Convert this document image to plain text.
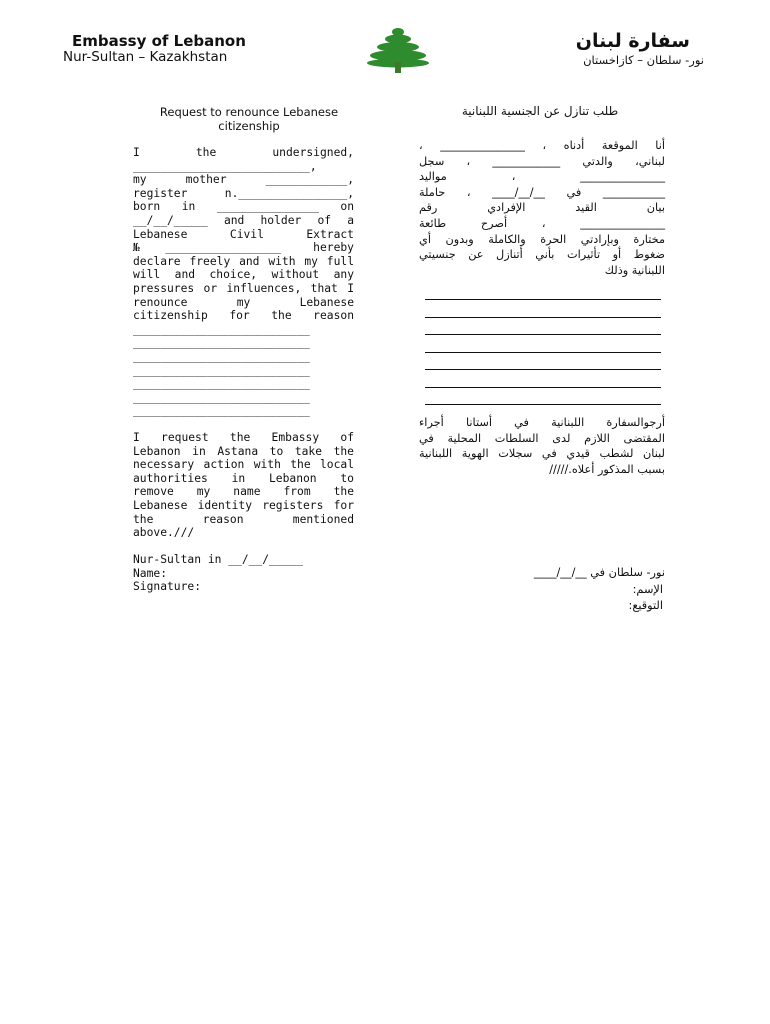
Embassy of Lebanon
Nur-Sultan – Kazakhstan
سفارة لبنان
نور- سلطان – كازاخستان
Request to renounce Lebanese citizenship
I the undersigned,
__________________________,
my mother ____________,
register n.________________,
born in _______________ on
__/__/_____ and holder of a
Lebanese Civil Extract
№_________________ hereby
declare freely and with my full
will and choice, without any
pressures or influences, that I
renounce my Lebanese
citizenship for the reason
__________________________
__________________________
__________________________
__________________________
__________________________
__________________________
__________________________
I request the Embassy of
Lebanon in Astana to take the
necessary action with the local
authorities in Lebanon to
remove my name from the
Lebanese identity registers for
the reason mentioned
above.///
Nur-Sultan in __/__/_____
Name:
Signature:
طلب تنازل عن الجنسية اللبنانية
أنا الموقعة أدناه ، _______________ ،
لبناني، والدتي ____________ ، سجل
_______________ ، مواليد
___________ في __/__/____ ، حاملة
بيان القيد الإفرادي رقم
_______________ ، أصرح طائعة
مختارة وبإرادتي الحرة والكاملة وبدون أي
ضغوط أو تأثيرات بأني أتنازل عن جنسيتي
اللبنانية وذلك
أرجوالسفارة اللبنانية في أستانا أجراء
المقتضى اللازم لدى السلطات المحلية في
لبنان لشطب قيدي في سجلات الهوية اللبنانية
بسبب المذكور أعلاه./////
نور- سلطان في __/__/____
الإسم:
التوقيع:
